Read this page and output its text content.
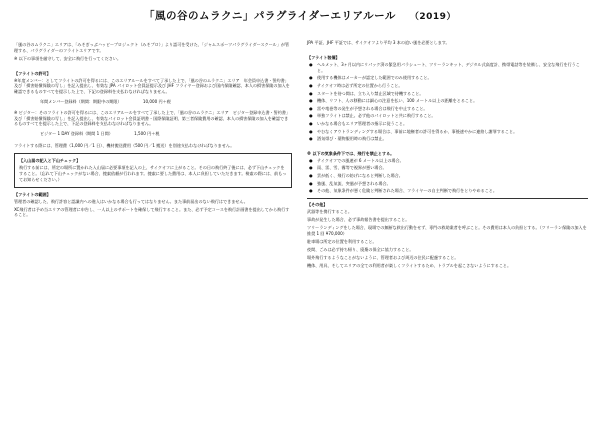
「風の谷のムラクニ」パラグライダーエリアルール （2019）

「風の谷のムラクニ」エリアは、「みそぎっぷハッピープロジェクト（みそプロ）」より認可を受けた、「ジャムスポーツパラグライダースクール」が管理する、パラグライダーのフライトエリアです。

※ 以下の事項を厳守して、安全に飛行を行ってください。

【フライトの許可】

※年度メンバー：としてフライトの許可を得るには、このエリアルールをすべて了承した上で、「風の谷のムラクニ」エリア　年会員申込書・誓約書」及び「損害賠償保険の写し」を記入提出し、有効な JPA パイロット会員証提示及び JHF フライヤー登録および国内保険確認、本人の損害保険の加入を確認できるものすべてを提示した上で、下記の登録料を支払わなければなりません。

年間メンバー登録料（期間：期限中の期限）	10,000 円＋税

※ ビジター：そのフライトの許可を得るには、このエリアルールをすべて了承した上で、「風の谷のムラクニ」エリア　ビジター登録申込書・誓約書」及び「損害賠償保険の写し」を記入提出し、有効なパイロット会員証明書・国際保険証明、第三者保険費用の確認、本人の損害保険の加入を確認できるものすべてを提示した上で、下記の登録料を支払わなければなりません。

ビジター 1 DAY 登録料（期間 1 日間）	1,500 円＋税

フライトする際には、管理費（1,000 円／1 日）、機材搬送費用（500 円／1 搬送）を別途支払わなければなりません。

【入山届の記入と下山チェック】

飛行する前には、所定の場所に置かれた入山届に必要事項を記入の上、サイクオフに上がること。その日の飛行終了後には、必ず下山チェックをすること。（忘れて下山チェックがない場合、捜索依頼が行われます。捜索に要した費用は、本人に負担していただきます。検索の際には、前もってお知らせください。）

【フライトの範囲】

管理者の確認した、飛行許容と認識内への進入はいかなる場合も行ってはなりません。また事前届出のない飛行はできません。

XC飛行者は予め当エリアの管理者に申告し、一人以上のサポートを確保して飛行すること。また、必ず予定コースを飛行計画書を提出してから飛行すること。

JPA 平証、JHF 平証では、サイクオフより平均 3 本の追い風を必要とします。

【フライト装備】
● ヘルメット、3ヶ月以内にリパック済の緊急用パラシュート、ツリーランキット、デジタル式高度計、携帯電話等を装備し、安全な飛行を行うこと。
● 使用する機体はメーカーが認定した範囲でのみ使用すること。
● テイクオフ時は必ず所定の位置から行うこと。
● スタートを待つ間は、立ち入り禁止区域で待機すること。
● 機体、リフト、人の移動には細心の注意を払い、100 メートル以上の距離をとること。
● 雷や竜巻等の発生が予想される場合は飛行を中止すること。
● 単独フライトは禁止。必ず他のパイロットと共に飛行すること。
● いかなる場合もエリア管理者の指示に従うこと。
● やむなくアウトランディングする場合は、事前に地権者の許可を得るか、事後速やかに連絡し謝罪すること。
● 酒気帯び・薬物服用時の飛行は禁止。
※ 以下の気象条件下では、飛行を禁止とする。
● テイクオフでの風速が 6 メートル以上の場合。
● 雨、雷、雪、霧等で視界が悪い場合。
● 雲が低く、飛行の妨げになると判断した場合。
● 強風、乱気流、突風が予想される場合。
● その他、気象条件が悪く危険と判断された場合、フライヤーの自主判断で飛行をとりやめること。
【その他】

武器等を携行すること。

事故が発生した場合、必ず事故報告書を提出すること。

ツリーランディングをした場合、現場での無断な救出行動をせず、専門の救助業者を呼ぶこと。その費用は本人の負担とする。（ツリーラン保険の加入を推奨 1 回 ¥70,000）

駐車場は所定の位置を利用すること。

夜間、ごみは必ず持ち帰り、廃棄の保全に協力すること。

場外飛行するようなことがないように、管理者および周辺の住民に配慮すること。

機体、用具、そしてエリアの全ての利用者が楽しくフライトするため、トラブルを起こさないようにすること。
